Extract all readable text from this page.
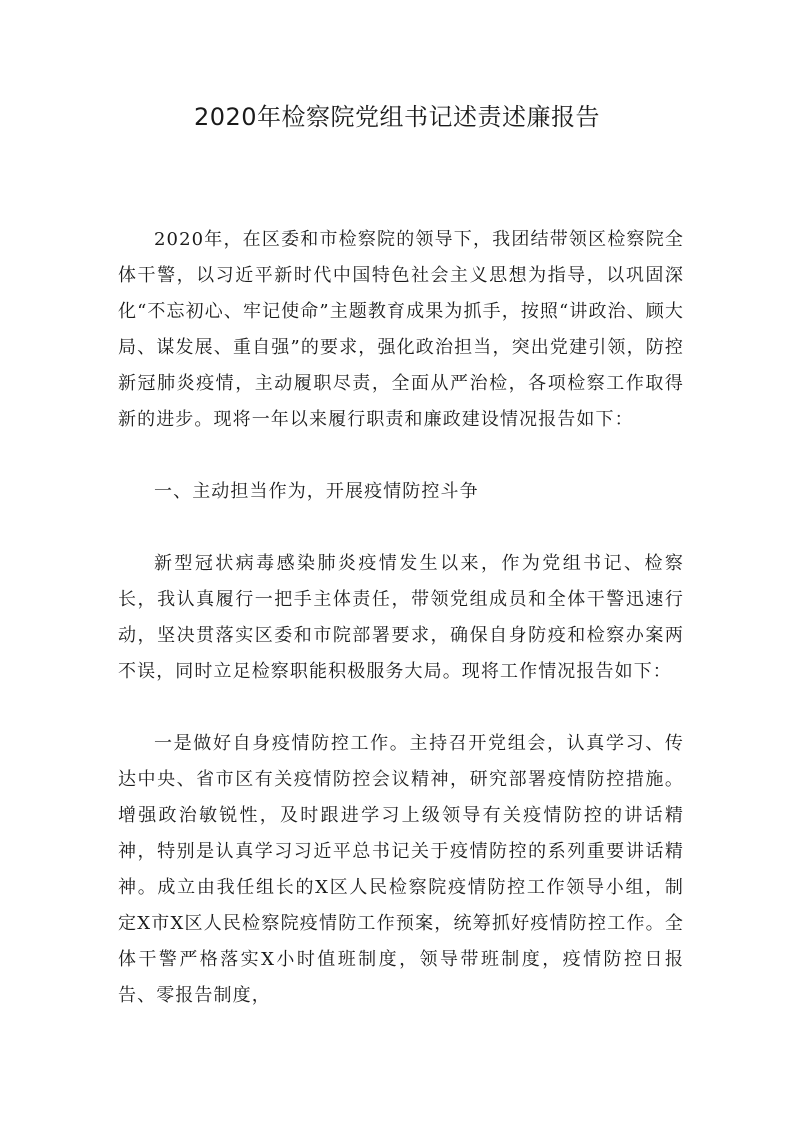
2020年检察院党组书记述责述廉报告

2020年，在区委和市检察院的领导下，我团结带领区检察院全体干警，以习近平新时代中国特色社会主义思想为指导，以巩固深化“不忘初心、牢记使命”主题教育成果为抓手，按照“讲政治、顾大局、谋发展、重自强”的要求，强化政治担当，突出党建引领，防控新冠肺炎疫情，主动履职尽责，全面从严治检，各项检察工作取得新的进步。现将一年以来履行职责和廉政建设情况报告如下：

一、主动担当作为，开展疫情防控斗争

新型冠状病毒感染肺炎疫情发生以来，作为党组书记、检察长，我认真履行一把手主体责任，带领党组成员和全体干警迅速行动，坚决贯落实区委和市院部署要求，确保自身防疫和检察办案两不误，同时立足检察职能积极服务大局。现将工作情况报告如下：

一是做好自身疫情防控工作。主持召开党组会，认真学习、传达中央、省市区有关疫情防控会议精神，研究部署疫情防控措施。增强政治敏锐性，及时跟进学习上级领导有关疫情防控的讲话精神，特别是认真学习习近平总书记关于疫情防控的系列重要讲话精神。成立由我任组长的X区人民检察院疫情防控工作领导小组，制定X市X区人民检察院疫情防工作预案，统筹抓好疫情防控工作。全体干警严格落实X小时值班制度，领导带班制度，疫情防控日报告、零报告制度，
